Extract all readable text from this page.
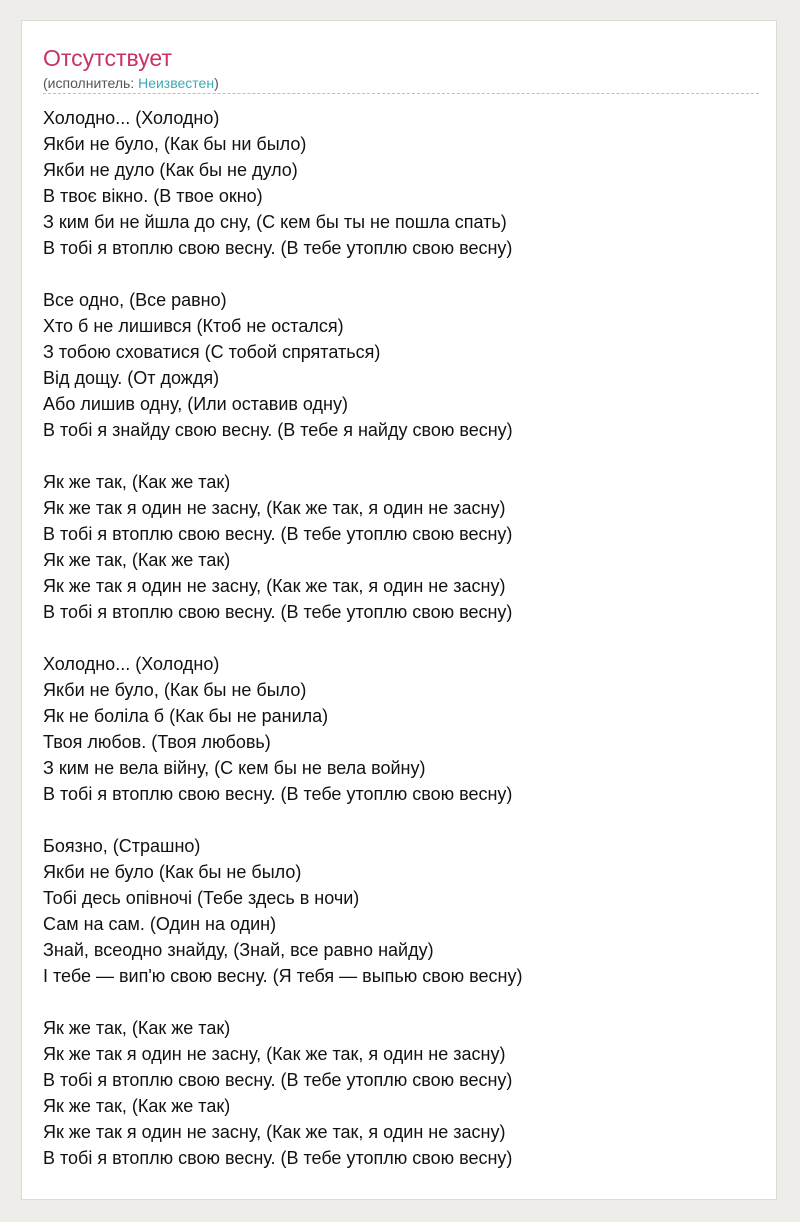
Отсутствует
(исполнитель: Неизвестен)
Холодно... (Холодно)
Якби не було, (Как бы ни было)
Якби не дуло (Как бы не дуло)
В твоє вікно. (В твое окно)
З ким би не йшла до сну, (С кем бы ты не пошла спать)
В тобі я втоплю свою весну. (В тебе утоплю свою весну)
Все одно, (Все равно)
Хто б не лишився (Ктоб не остался)
З тобою сховатися (С тобой спрятаться)
Від дощу. (От дождя)
Або лишив одну, (Или оставив одну)
В тобі я знайду свою весну. (В тебе я найду свою весну)
Як же так, (Как же так)
Як же так я один не засну, (Как же так, я один не засну)
В тобі я втоплю свою весну. (В тебе утоплю свою весну)
Як же так, (Как же так)
Як же так я один не засну, (Как же так, я один не засну)
В тобі я втоплю свою весну. (В тебе утоплю свою весну)
Холодно... (Холодно)
Якби не було, (Как бы не было)
Як не боліла б (Как бы не ранила)
Твоя любов. (Твоя любовь)
З ким не вела війну, (С кем бы не вела войну)
В тобі я втоплю свою весну. (В тебе утоплю свою весну)
Боязно, (Страшно)
Якби не було (Как бы не было)
Тобі десь опівночі (Тебе здесь в ночи)
Сам на сам. (Один на один)
Знай, всеодно знайду, (Знай, все равно найду)
І тебе — вип'ю свою весну. (Я тебя — выпью свою весну)
Як же так, (Как же так)
Як же так я один не засну, (Как же так, я один не засну)
В тобі я втоплю свою весну. (В тебе утоплю свою весну)
Як же так, (Как же так)
Як же так я один не засну, (Как же так, я один не засну)
В тобі я втоплю свою весну. (В тебе утоплю свою весну)
